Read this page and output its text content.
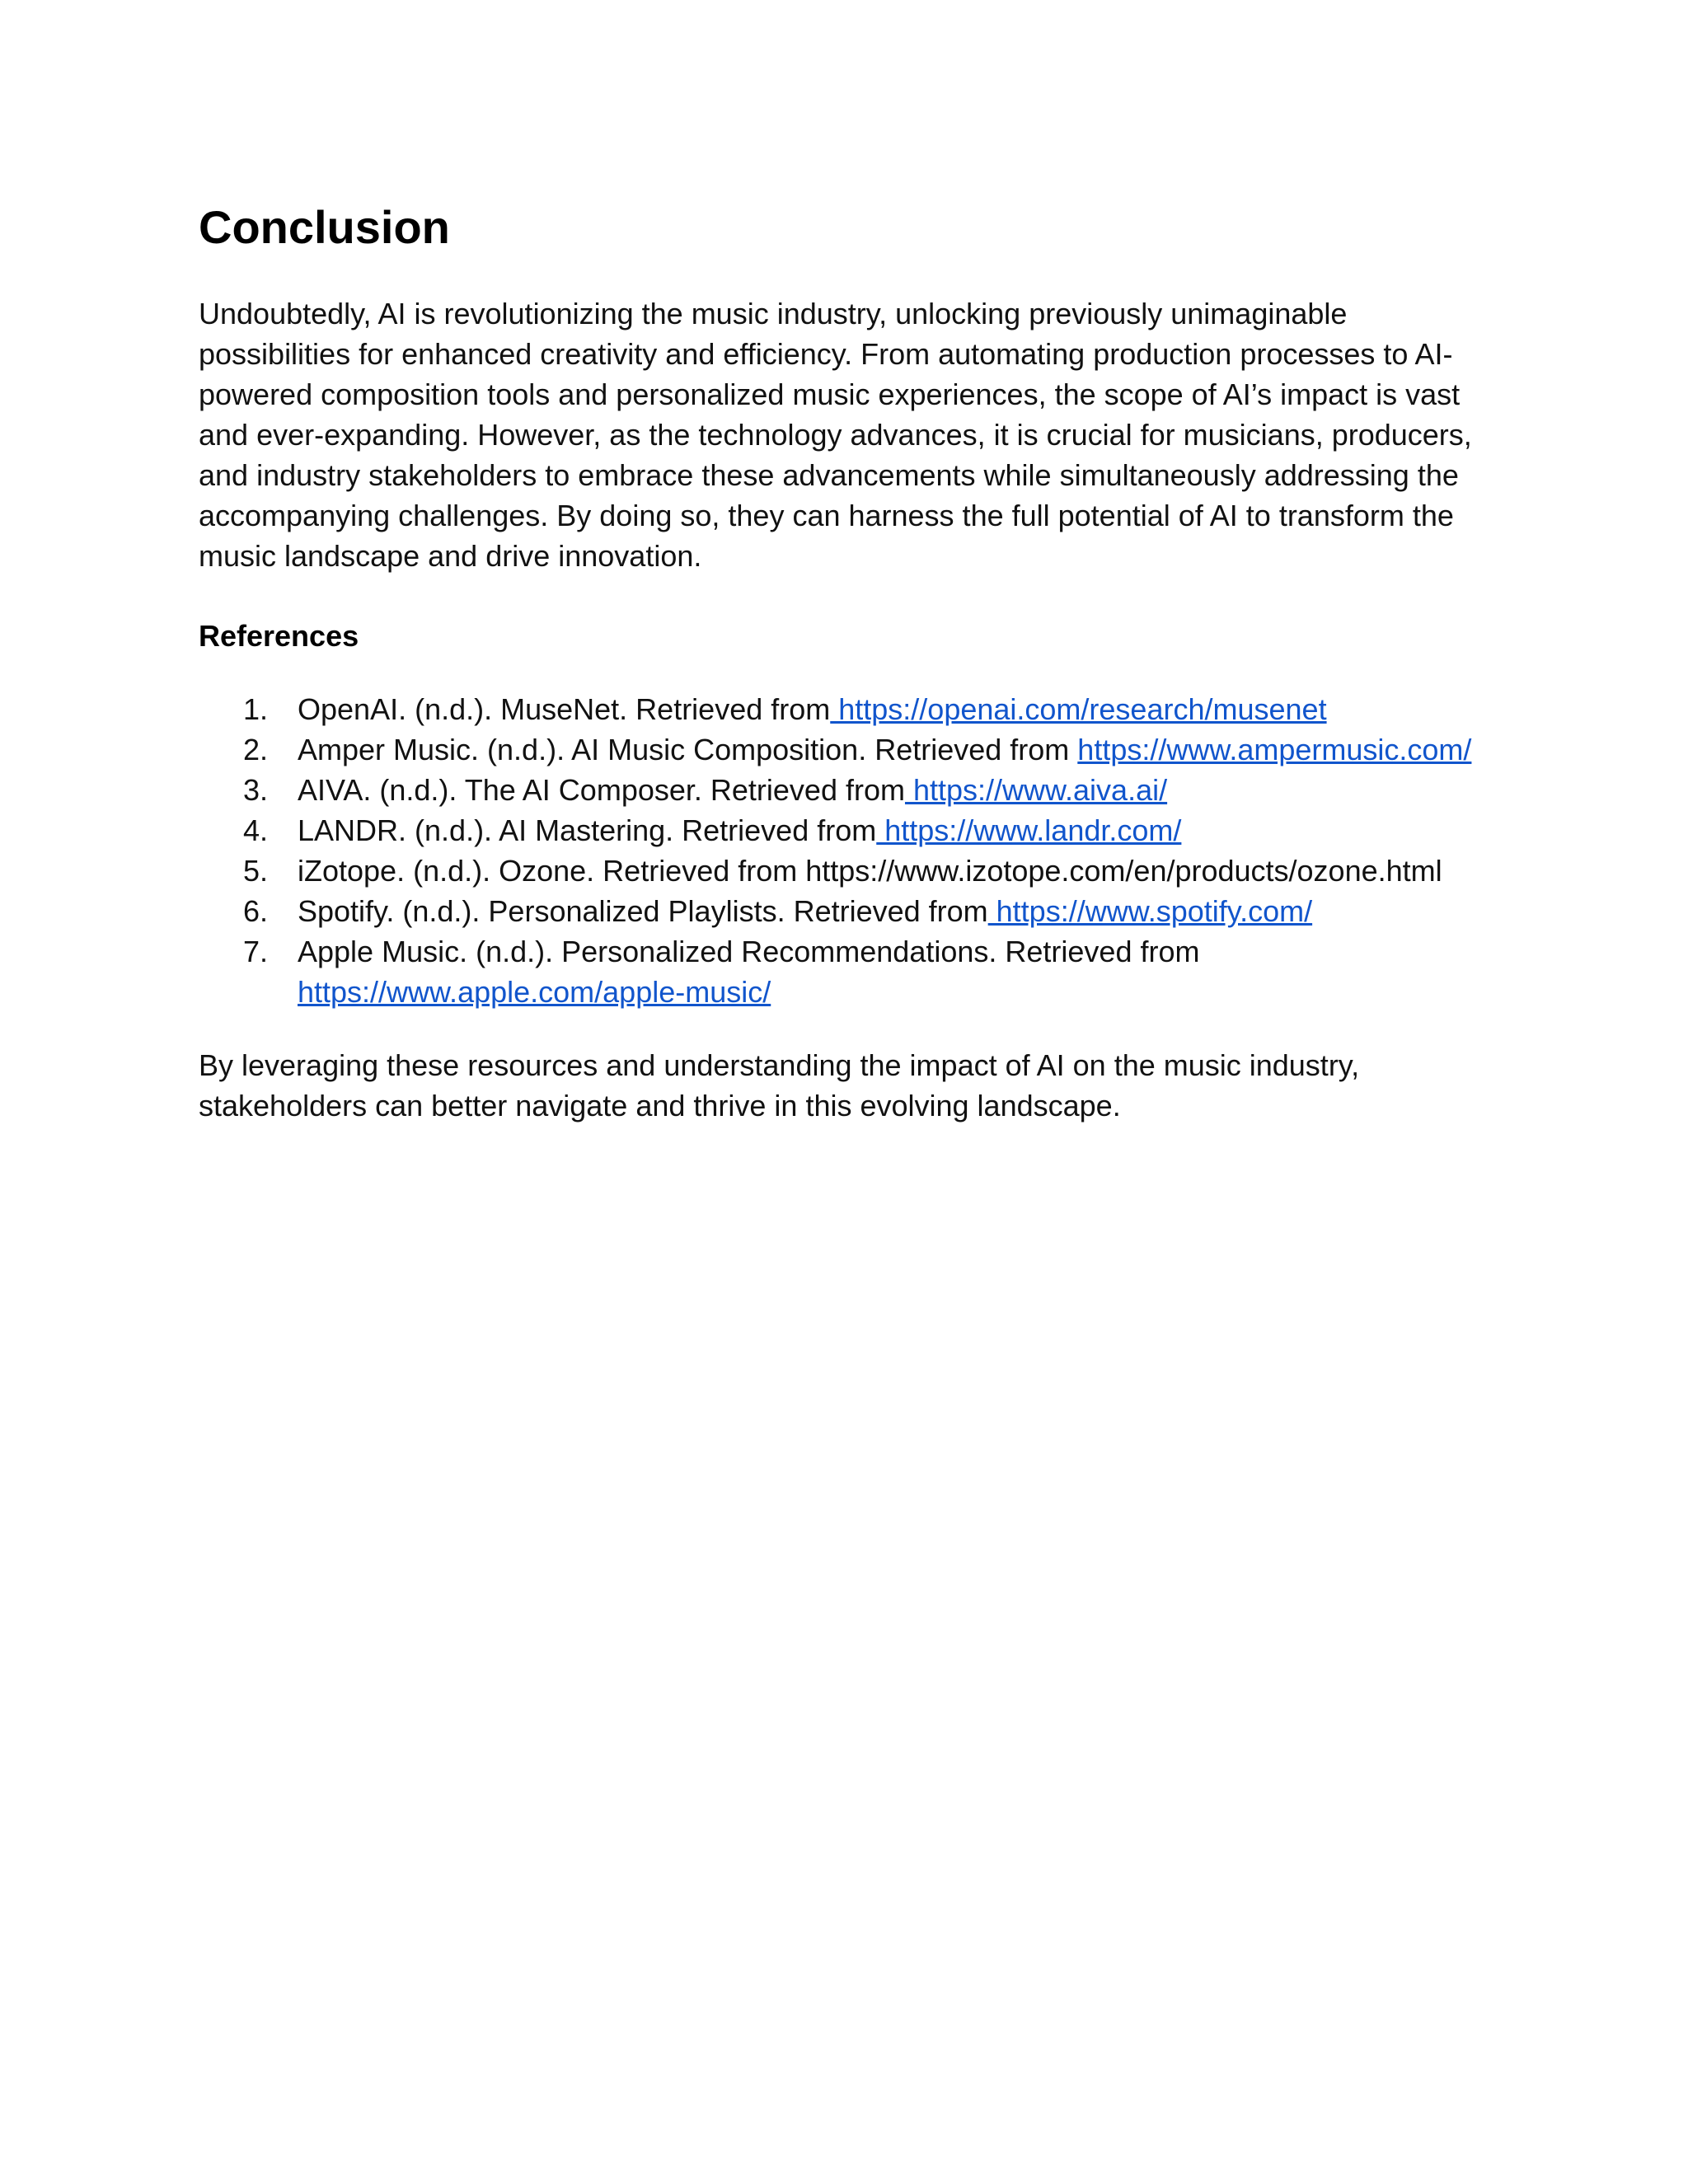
Conclusion

Undoubtedly, AI is revolutionizing the music industry, unlocking previously unimaginable possibilities for enhanced creativity and efficiency. From automating production processes to AI-powered composition tools and personalized music experiences, the scope of AI’s impact is vast and ever-expanding. However, as the technology advances, it is crucial for musicians, producers, and industry stakeholders to embrace these advancements while simultaneously addressing the accompanying challenges. By doing so, they can harness the full potential of AI to transform the music landscape and drive innovation.

References

1. OpenAI. (n.d.). MuseNet. Retrieved from https://openai.com/research/musenet
2. Amper Music. (n.d.). AI Music Composition. Retrieved from https://www.ampermusic.com/
3. AIVA. (n.d.). The AI Composer. Retrieved from https://www.aiva.ai/
4. LANDR. (n.d.). AI Mastering. Retrieved from https://www.landr.com/
5. iZotope. (n.d.). Ozone. Retrieved from https://www.izotope.com/en/products/ozone.html
6. Spotify. (n.d.). Personalized Playlists. Retrieved from https://www.spotify.com/
7. Apple Music. (n.d.). Personalized Recommendations. Retrieved from https://www.apple.com/apple-music/

By leveraging these resources and understanding the impact of AI on the music industry, stakeholders can better navigate and thrive in this evolving landscape.
